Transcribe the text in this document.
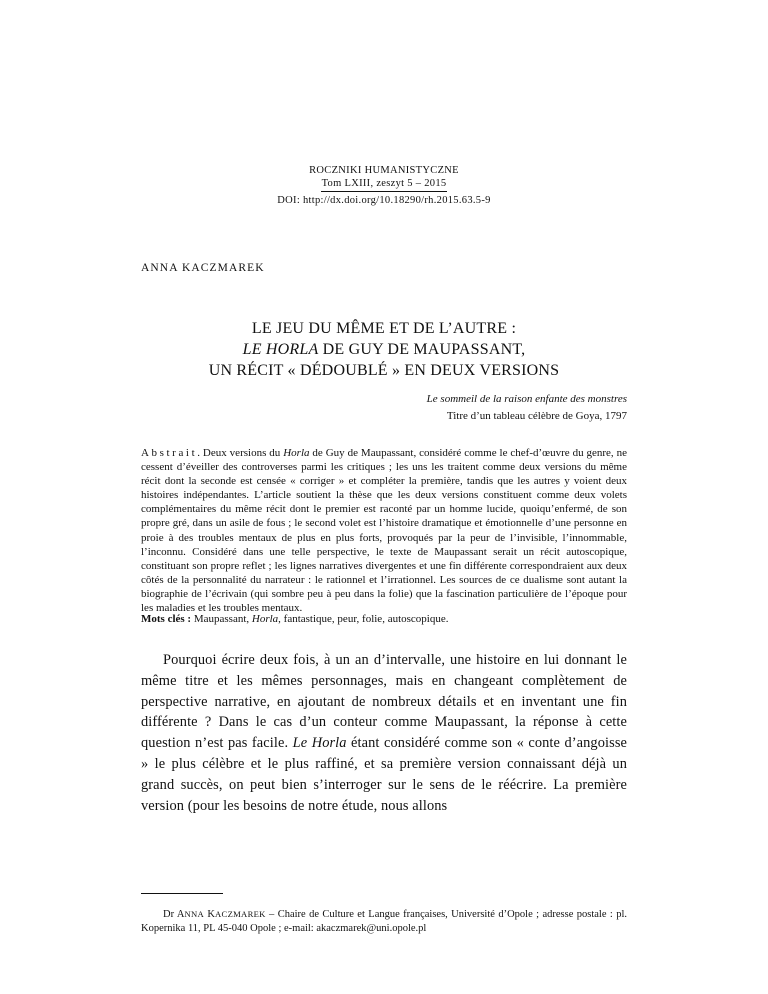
ROCZNIKI HUMANISTYCZNE
Tom LXIII, zeszyt 5 – 2015
DOI: http://dx.doi.org/10.18290/rh.2015.63.5-9
ANNA KACZMAREK
LE JEU DU MÊME ET DE L’AUTRE :
LE HORLA DE GUY DE MAUPASSANT,
UN RÉCIT « DÉDOUBLÉ » EN DEUX VERSIONS
Le sommeil de la raison enfante des monstres
Titre d’un tableau célèbre de Goya, 1797
Abstrait. Deux versions du Horla de Guy de Maupassant, considéré comme le chef-d’œuvre du genre, ne cessent d’éveiller des controverses parmi les critiques ; les uns les traitent comme deux versions du même récit dont la seconde est censée « corriger » et compléter la première, tandis que les autres y voient deux histoires indépendantes. L’article soutient la thèse que les deux versions constituent comme deux volets complémentaires du même récit dont le premier est raconté par un homme lucide, quoiqu’enfermé, de son propre gré, dans un asile de fous ; le second volet est l’histoire dramatique et émotionnelle d’une personne en proie à des troubles mentaux de plus en plus forts, provoqués par la peur de l’invisible, l’innommable, l’inconnu. Considéré dans une telle perspective, le texte de Maupassant serait un récit autoscopique, constituant son propre reflet ; les lignes narratives divergentes et une fin différente correspondraient aux deux côtés de la personnalité du narrateur : le rationnel et l’irrationnel. Les sources de ce dualisme sont autant la biographie de l’écrivain (qui sombre peu à peu dans la folie) que la fascination particulière de l’époque pour les maladies et les troubles mentaux.
Mots clés : Maupassant, Horla, fantastique, peur, folie, autoscopique.
Pourquoi écrire deux fois, à un an d’intervalle, une histoire en lui donnant le même titre et les mêmes personnages, mais en changeant complètement de perspective narrative, en ajoutant de nombreux détails et en inventant une fin différente ? Dans le cas d’un conteur comme Maupassant, la réponse à cette question n’est pas facile. Le Horla étant considéré comme son « conte d’angoisse » le plus célèbre et le plus raffiné, et sa première version connaissant déjà un grand succès, on peut bien s’interroger sur le sens de le réécrire. La première version (pour les besoins de notre étude, nous allons
Dr ANNA KACZMAREK – Chaire de Culture et Langue françaises, Université d’Opole ; adresse postale : pl. Kopernika 11, PL 45-040 Opole ; e-mail: akaczmarek@uni.opole.pl
